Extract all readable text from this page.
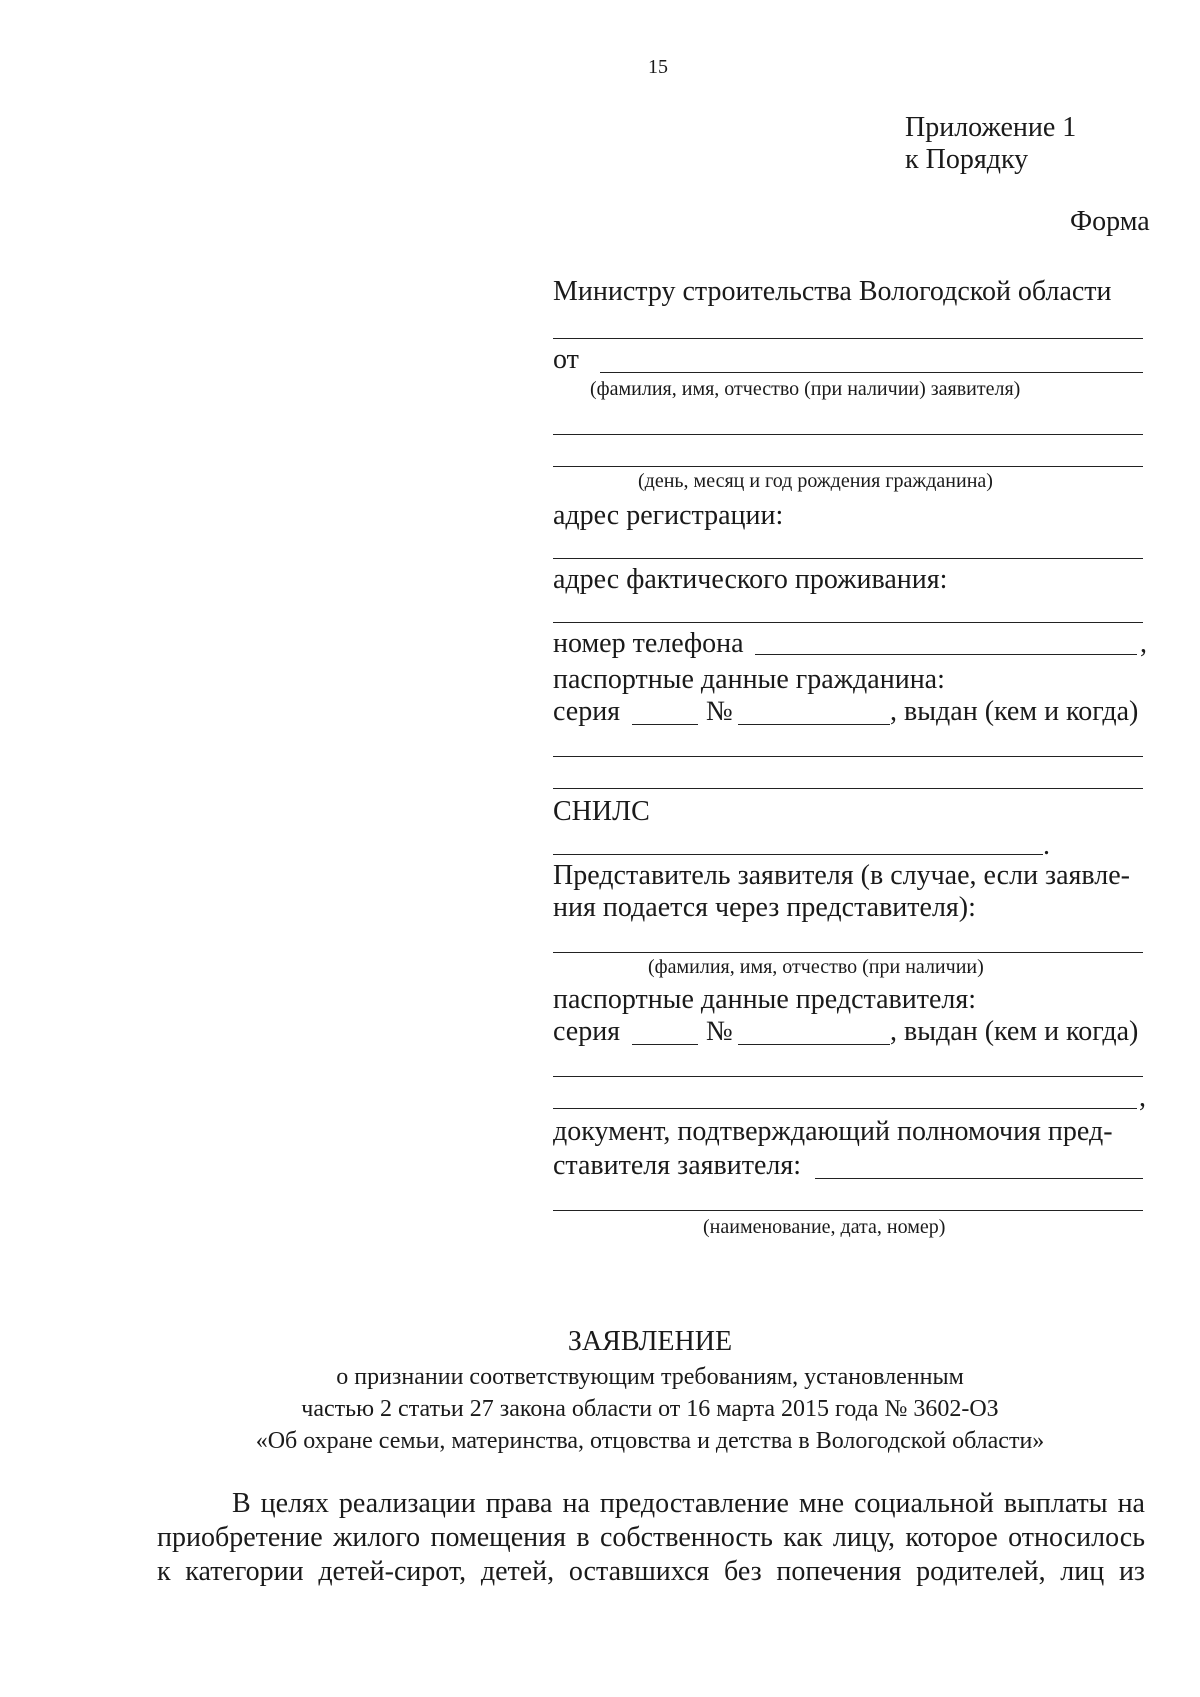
15
Приложение 1
к Порядку
Форма
Министру строительства Вологодской области
от
(фамилия, имя, отчество (при наличии) заявителя)
(день, месяц и год рождения гражданина)
адрес регистрации:
адрес фактического проживания:
номер телефона	,
паспортные данные гражданина:
серия	№	, выдан (кем и когда)
СНИЛС
.
Представитель заявителя (в случае, если заявле-
ния подается через представителя):
(фамилия, имя, отчество (при наличии)
паспортные данные представителя:
серия	№	, выдан (кем и когда)
,
документ, подтверждающий полномочия пред-
ставителя заявителя:
(наименование, дата, номер)
ЗАЯВЛЕНИЕ
о признании соответствующим требованиям, установленным
частью 2 статьи 27 закона области от 16 марта 2015 года № 3602-ОЗ
«Об охране семьи, материнства, отцовства и детства в Вологодской области»
В целях реализации права на предоставление мне социальной выплаты на
приобретение жилого помещения в собственность как лицу, которое относилось
к категории детей-сирот, детей, оставшихся без попечения родителей, лиц из
